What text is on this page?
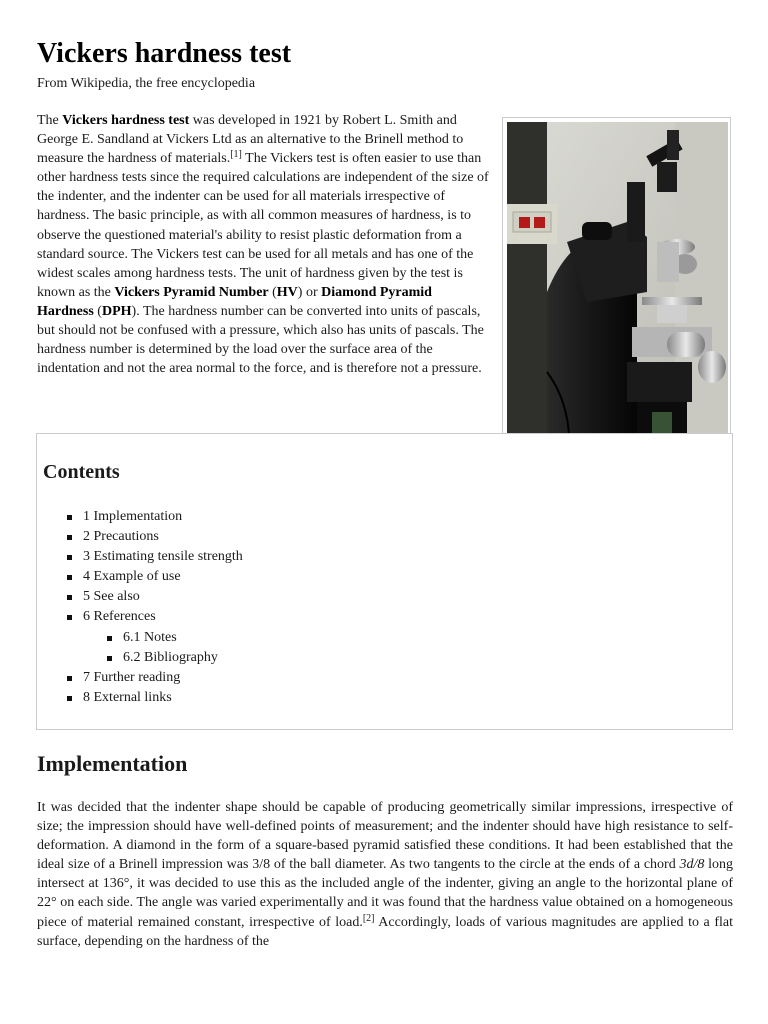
Vickers hardness test
From Wikipedia, the free encyclopedia

The Vickers hardness test was developed in 1921 by Robert L. Smith and George E. Sandland at Vickers Ltd as an alternative to the Brinell method to measure the hardness of materials.[1] The Vickers test is often easier to use than other hardness tests since the required calculations are independent of the size of the indenter, and the indenter can be used for all materials irrespective of hardness. The basic principle, as with all common measures of hardness, is to observe the questioned material's ability to resist plastic deformation from a standard source. The Vickers test can be used for all metals and has one of the widest scales among hardness tests. The unit of hardness given by the test is known as the Vickers Pyramid Number (HV) or Diamond Pyramid Hardness (DPH). The hardness number can be converted into units of pascals, but should not be confused with a pressure, which also has units of pascals. The hardness number is determined by the load over the surface area of the indentation and not the area normal to the force, and is therefore not a pressure.

Contents
1 Implementation
2 Precautions
3 Estimating tensile strength
4 Example of use
5 See also
6 References
6.1 Notes
6.2 Bibliography
7 Further reading
8 External links
Implementation

It was decided that the indenter shape should be capable of producing geometrically similar impressions, irrespective of size; the impression should have well-defined points of measurement; and the indenter should have high resistance to self-deformation. A diamond in the form of a square-based pyramid satisfied these conditions. It had been established that the ideal size of a Brinell impression was 3/8 of the ball diameter. As two tangents to the circle at the ends of a chord 3d/8 long intersect at 136°, it was decided to use this as the included angle of the indenter, giving an angle to the horizontal plane of 22° on each side. The angle was varied experimentally and it was found that the hardness value obtained on a homogeneous piece of material remained constant, irrespective of load.[2] Accordingly, loads of various magnitudes are applied to a flat surface, depending on the hardness of the
